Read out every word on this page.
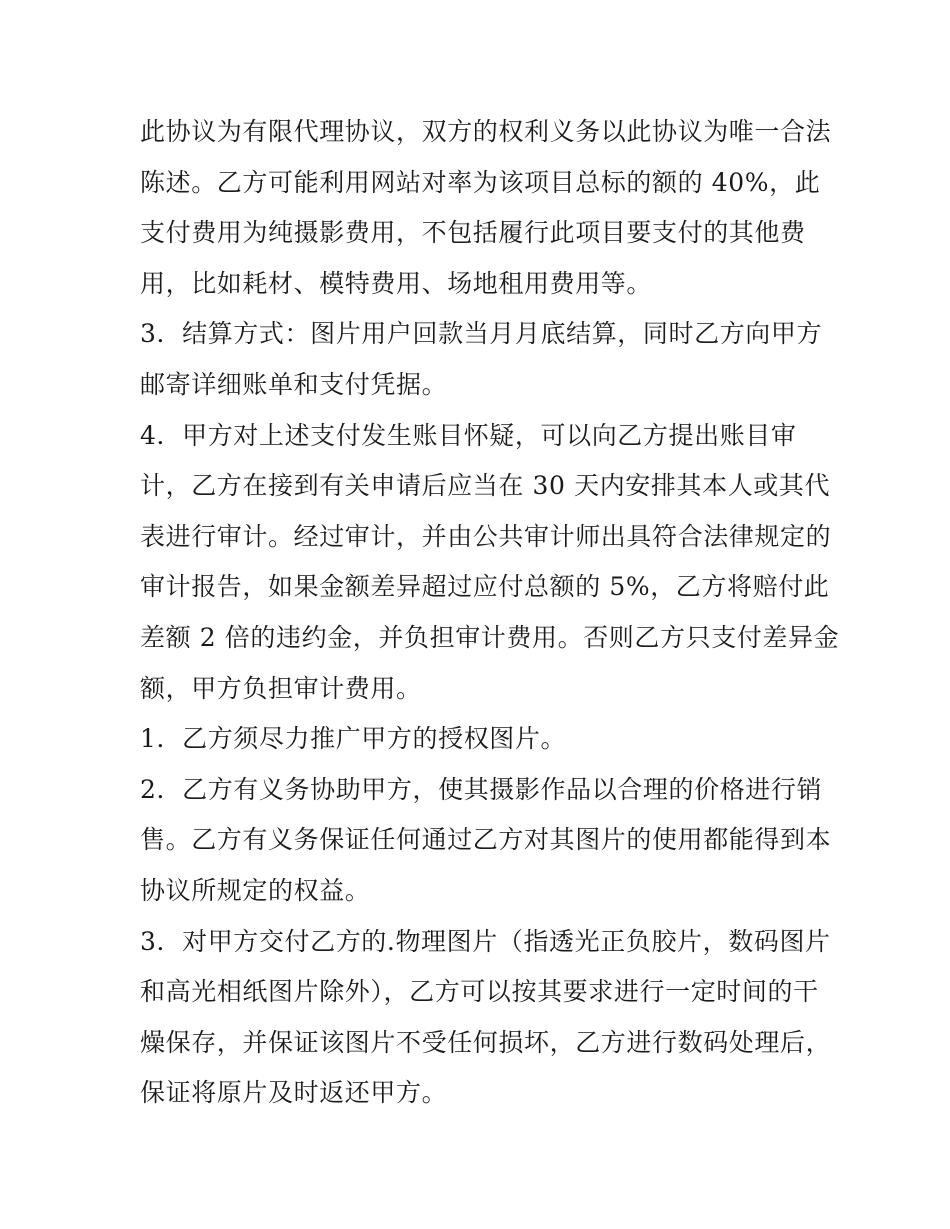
此协议为有限代理协议，双方的权利义务以此协议为唯一合法
陈述。乙方可能利用网站对率为该项目总标的额的 40%，此
支付费用为纯摄影费用，不包括履行此项目要支付的其他费
用，比如耗材、模特费用、场地租用费用等。
3．结算方式：图片用户回款当月月底结算，同时乙方向甲方
邮寄详细账单和支付凭据。
4．甲方对上述支付发生账目怀疑，可以向乙方提出账目审
计，乙方在接到有关申请后应当在 30 天内安排其本人或其代
表进行审计。经过审计，并由公共审计师出具符合法律规定的
审计报告，如果金额差异超过应付总额的 5%，乙方将赔付此
差额 2 倍的违约金，并负担审计费用。否则乙方只支付差异金
额，甲方负担审计费用。
1．乙方须尽力推广甲方的授权图片。
2．乙方有义务协助甲方，使其摄影作品以合理的价格进行销
售。乙方有义务保证任何通过乙方对其图片的使用都能得到本
协议所规定的权益。
3．对甲方交付乙方的.物理图片（指透光正负胶片，数码图片
和高光相纸图片除外），乙方可以按其要求进行一定时间的干
燥保存，并保证该图片不受任何损坏，乙方进行数码处理后，
保证将原片及时返还甲方。
